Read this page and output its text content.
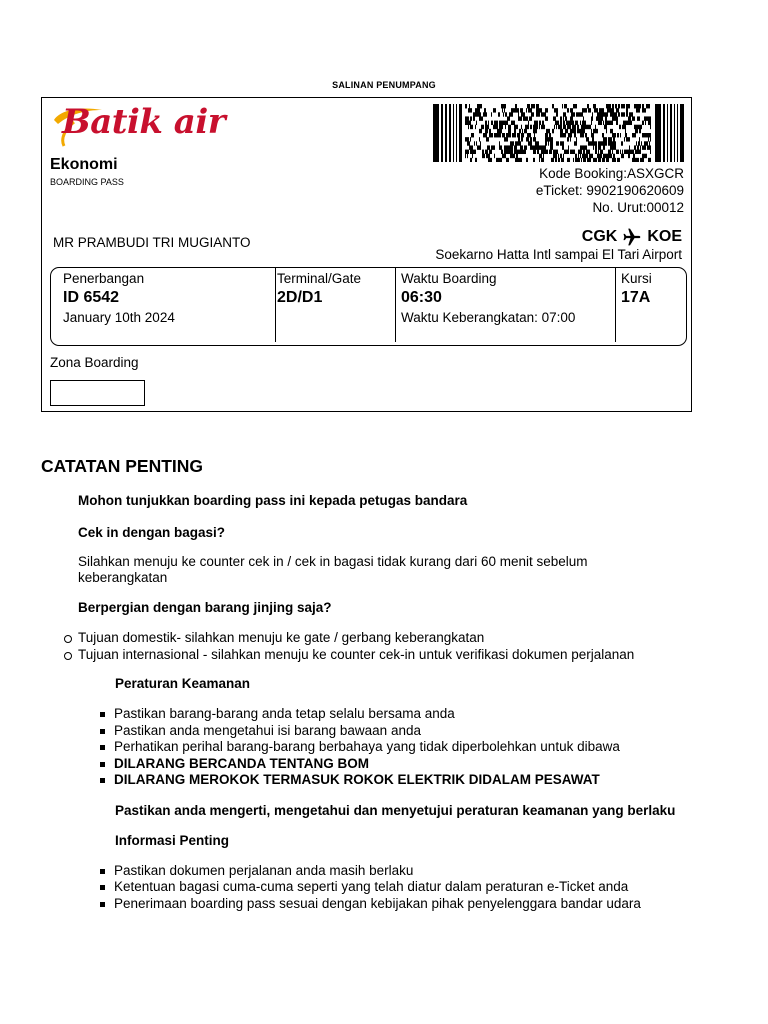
SALINAN PENUMPANG
Batik air
Ekonomi
BOARDING PASS
Kode Booking:ASXGCR
eTicket: 9902190620609
No. Urut:00012
MR PRAMBUDI TRI MUGIANTO	CGK KOE
Soekarno Hatta Intl sampai El Tari Airport
Penerbangan
ID 6542
January 10th 2024
Terminal/Gate
2D/D1
Waktu Boarding
06:30
Waktu Keberangkatan: 07:00
Kursi
17A
Zona Boarding
CATATAN PENTING

Mohon tunjukkan boarding pass ini kepada petugas bandara

Cek in dengan bagasi?

Silahkan menuju ke counter cek in / cek in bagasi tidak kurang dari 60 menit sebelum keberangkatan

Berpergian dengan barang jinjing saja?

Tujuan domestik- silahkan menuju ke gate / gerbang keberangkatan
Tujuan internasional - silahkan menuju ke counter cek-in untuk verifikasi dokumen perjalanan

Peraturan Keamanan

Pastikan barang-barang anda tetap selalu bersama anda
Pastikan anda mengetahui isi barang bawaan anda
Perhatikan perihal barang-barang berbahaya yang tidak diperbolehkan untuk dibawa
DILARANG BERCANDA TENTANG BOM
DILARANG MEROKOK TERMASUK ROKOK ELEKTRIK DIDALAM PESAWAT

Pastikan anda mengerti, mengetahui dan menyetujui peraturan keamanan yang berlaku

Informasi Penting

Pastikan dokumen perjalanan anda masih berlaku
Ketentuan bagasi cuma-cuma seperti yang telah diatur dalam peraturan e-Ticket anda
Penerimaan boarding pass sesuai dengan kebijakan pihak penyelenggara bandar udara
